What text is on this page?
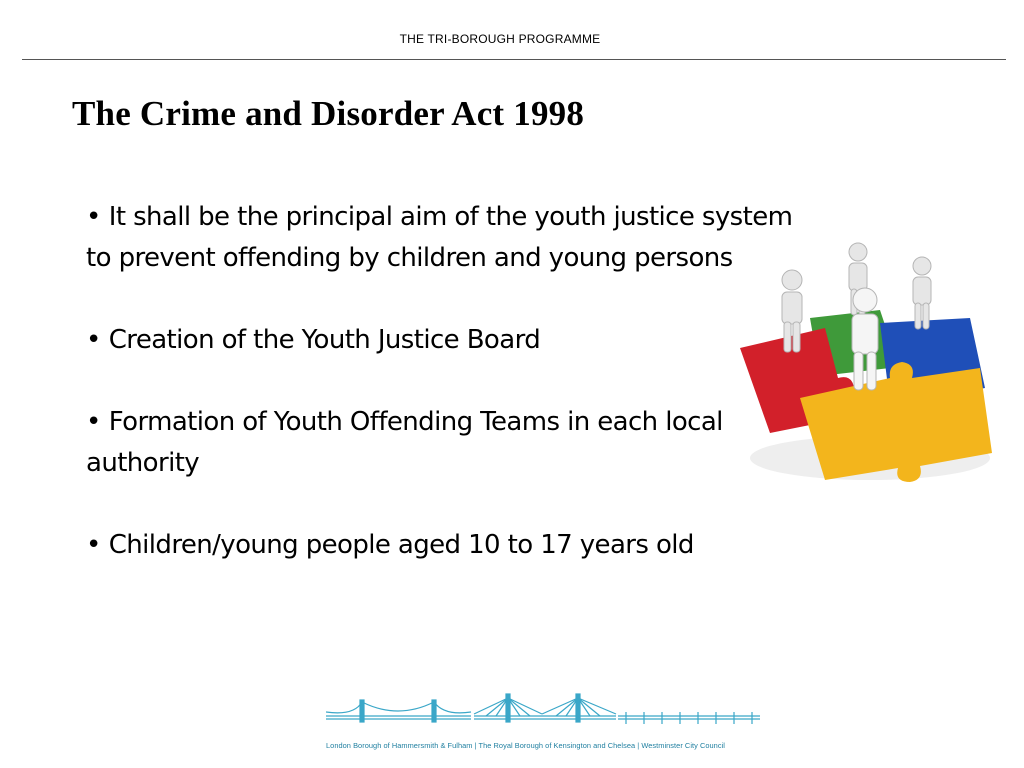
THE TRI-BOROUGH PROGRAMME
The Crime and Disorder Act 1998

• It shall be the principal aim of the youth justice system to prevent offending by children and young persons

• Creation of the Youth Justice Board

• Formation of Youth Offending Teams in each local authority

• Children/young people aged 10 to 17 years old

London Borough of Hammersmith & Fulham | The Royal Borough of Kensington and Chelsea | Westminster City Council
